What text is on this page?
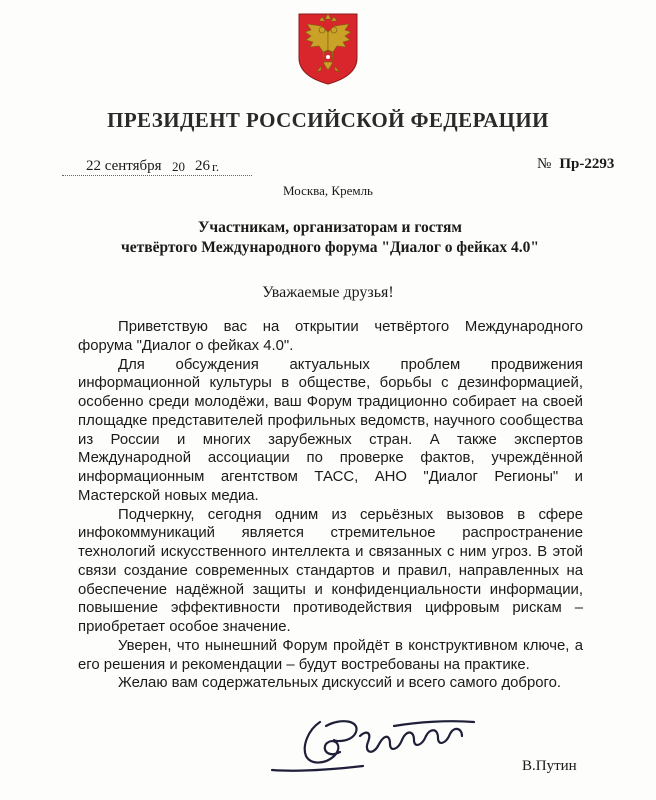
ПРЕЗИДЕНТ РОССИЙСКОЙ ФЕДЕРАЦИИ
22 сентября 20 26 г.	№ Пр-2293
Москва, Кремль
Участникам, организаторам и гостям
четвёртого Международного форума "Диалог о фейках 4.0"
Уважаемые друзья!

Приветствую вас на открытии четвёртого Международного форума "Диалог о фейках 4.0".

Для обсуждения актуальных проблем продвижения информационной культуры в обществе, борьбы с дезинформацией, особенно среди молодёжи, ваш Форум традиционно собирает на своей площадке представителей профильных ведомств, научного сообщества из России и многих зарубежных стран. А также экспертов Международной ассоциации по проверке фактов, учреждённой информационным агентством ТАСС, АНО "Диалог Регионы" и Мастерской новых медиа.

Подчеркну, сегодня одним из серьёзных вызовов в сфере инфокоммуникаций является стремительное распространение технологий искусственного интеллекта и связанных с ним угроз. В этой связи создание современных стандартов и правил, направленных на обеспечение надёжной защиты и конфиденциальности информации, повышение эффективности противодействия цифровым рискам – приобретает особое значение.

Уверен, что нынешний Форум пройдёт в конструктивном ключе, а его решения и рекомендации – будут востребованы на практике.

Желаю вам содержательных дискуссий и всего самого доброго.

В.Путин
